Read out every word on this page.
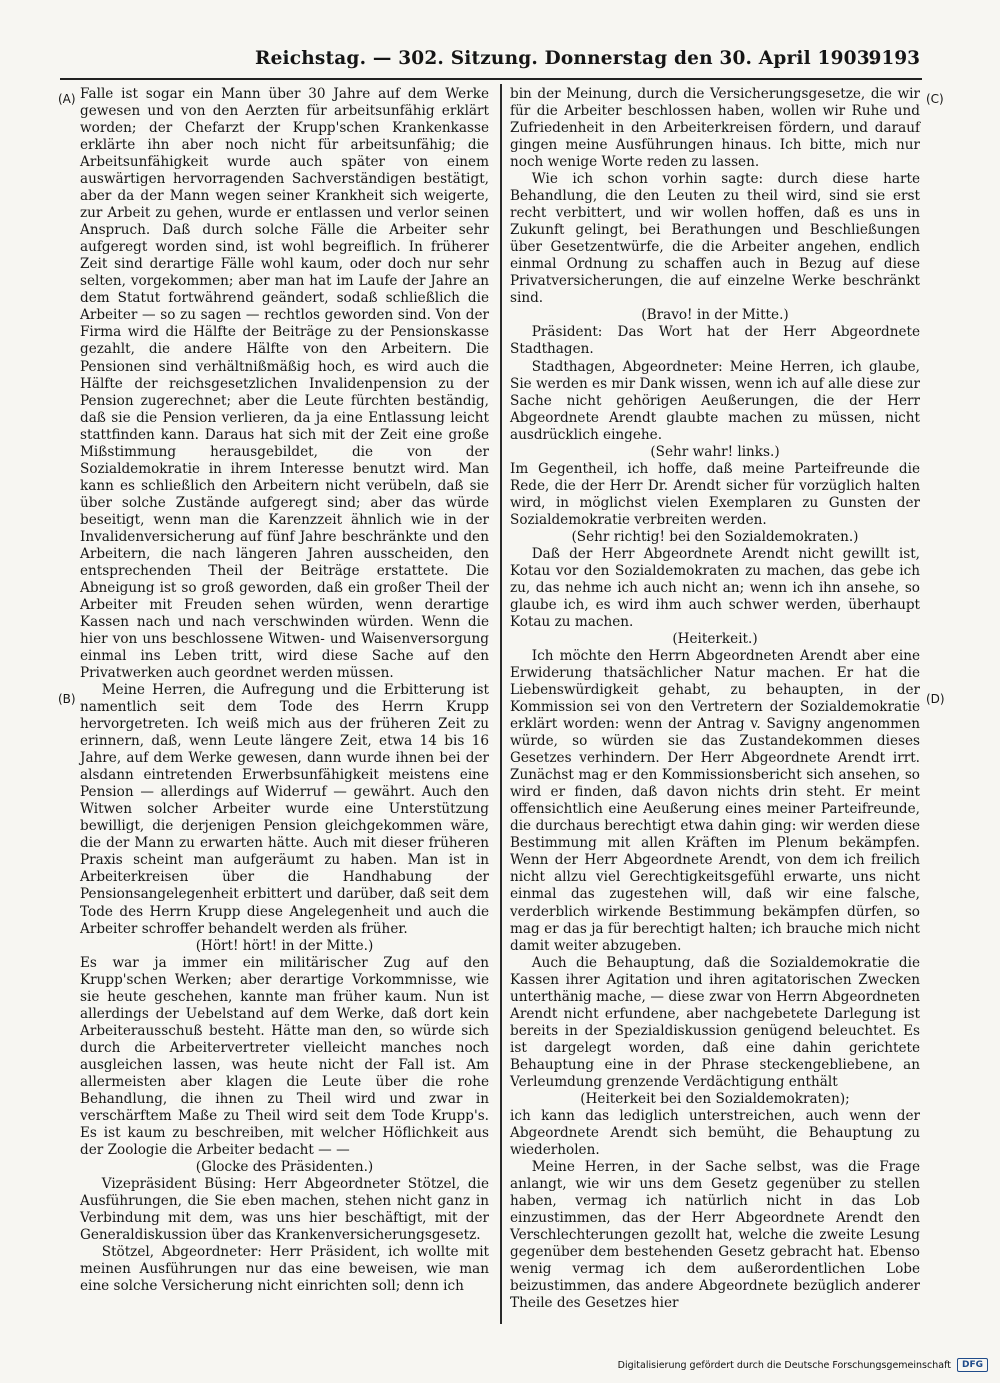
Reichstag. — 302. Sitzung. Donnerstag den 30. April 1903.
9193
(A)
(B)
(C)
(D)

Falle ist sogar ein Mann über 30 Jahre auf dem Werke gewesen und von den Aerzten für arbeitsunfähig erklärt worden; der Chefarzt der Krupp'schen Krankenkasse erklärte ihn aber noch nicht für arbeitsunfähig; die Arbeitsunfähigkeit wurde auch später von einem auswärtigen hervorragenden Sachverständigen bestätigt, aber da der Mann wegen seiner Krankheit sich weigerte, zur Arbeit zu gehen, wurde er entlassen und verlor seinen Anspruch. Daß durch solche Fälle die Arbeiter sehr aufgeregt worden sind, ist wohl begreiflich. In früherer Zeit sind derartige Fälle wohl kaum, oder doch nur sehr selten, vorgekommen; aber man hat im Laufe der Jahre an dem Statut fortwährend geändert, sodaß schließlich die Arbeiter — so zu sagen — rechtlos geworden sind. Von der Firma wird die Hälfte der Beiträge zu der Pensionskasse gezahlt, die andere Hälfte von den Arbeitern. Die Pensionen sind verhältnißmäßig hoch, es wird auch die Hälfte der reichsgesetzlichen Invalidenpension zu der Pension zugerechnet; aber die Leute fürchten beständig, daß sie die Pension verlieren, da ja eine Entlassung leicht stattfinden kann. Daraus hat sich mit der Zeit eine große Mißstimmung herausgebildet, die von der Sozialdemokratie in ihrem Interesse benutzt wird. Man kann es schließlich den Arbeitern nicht verübeln, daß sie über solche Zustände aufgeregt sind; aber das würde beseitigt, wenn man die Karenzzeit ähnlich wie in der Invalidenversicherung auf fünf Jahre beschränkte und den Arbeitern, die nach längeren Jahren ausscheiden, den entsprechenden Theil der Beiträge erstattete. Die Abneigung ist so groß geworden, daß ein großer Theil der Arbeiter mit Freuden sehen würden, wenn derartige Kassen nach und nach verschwinden würden. Wenn die hier von uns beschlossene Witwen- und Waisenversorgung einmal ins Leben tritt, wird diese Sache auf den Privatwerken auch geordnet werden müssen.

Meine Herren, die Aufregung und die Erbitterung ist namentlich seit dem Tode des Herrn Krupp hervorgetreten. Ich weiß mich aus der früheren Zeit zu erinnern, daß, wenn Leute längere Zeit, etwa 14 bis 16 Jahre, auf dem Werke gewesen, dann wurde ihnen bei der alsdann eintretenden Erwerbsunfähigkeit meistens eine Pension — allerdings auf Widerruf — gewährt. Auch den Witwen solcher Arbeiter wurde eine Unterstützung bewilligt, die derjenigen Pension gleichgekommen wäre, die der Mann zu erwarten hätte. Auch mit dieser früheren Praxis scheint man aufgeräumt zu haben. Man ist in Arbeiterkreisen über die Handhabung der Pensionsangelegenheit erbittert und darüber, daß seit dem Tode des Herrn Krupp diese Angelegenheit und auch die Arbeiter schroffer behandelt werden als früher.

(Hört! hört! in der Mitte.)

Es war ja immer ein militärischer Zug auf den Krupp'schen Werken; aber derartige Vorkommnisse, wie sie heute geschehen, kannte man früher kaum. Nun ist allerdings der Uebelstand auf dem Werke, daß dort kein Arbeiterausschuß besteht. Hätte man den, so würde sich durch die Arbeitervertreter vielleicht manches noch ausgleichen lassen, was heute nicht der Fall ist. Am allermeisten aber klagen die Leute über die rohe Behandlung, die ihnen zu Theil wird und zwar in verschärftem Maße zu Theil wird seit dem Tode Krupp's. Es ist kaum zu beschreiben, mit welcher Höflichkeit aus der Zoologie die Arbeiter bedacht — —

(Glocke des Präsidenten.)

Vizepräsident Büsing: Herr Abgeordneter Stötzel, die Ausführungen, die Sie eben machen, stehen nicht ganz in Verbindung mit dem, was uns hier beschäftigt, mit der Generaldiskussion über das Krankenversicherungsgesetz.

Stötzel, Abgeordneter: Herr Präsident, ich wollte mit meinen Ausführungen nur das eine beweisen, wie man eine solche Versicherung nicht einrichten soll; denn ich

bin der Meinung, durch die Versicherungsgesetze, die wir für die Arbeiter beschlossen haben, wollen wir Ruhe und Zufriedenheit in den Arbeiterkreisen fördern, und darauf gingen meine Ausführungen hinaus. Ich bitte, mich nur noch wenige Worte reden zu lassen.

Wie ich schon vorhin sagte: durch diese harte Behandlung, die den Leuten zu theil wird, sind sie erst recht verbittert, und wir wollen hoffen, daß es uns in Zukunft gelingt, bei Berathungen und Beschließungen über Gesetzentwürfe, die die Arbeiter angehen, endlich einmal Ordnung zu schaffen auch in Bezug auf diese Privatversicherungen, die auf einzelne Werke beschränkt sind.

(Bravo! in der Mitte.)

Präsident: Das Wort hat der Herr Abgeordnete Stadthagen.

Stadthagen, Abgeordneter: Meine Herren, ich glaube, Sie werden es mir Dank wissen, wenn ich auf alle diese zur Sache nicht gehörigen Aeußerungen, die der Herr Abgeordnete Arendt glaubte machen zu müssen, nicht ausdrücklich eingehe.

(Sehr wahr! links.)

Im Gegentheil, ich hoffe, daß meine Parteifreunde die Rede, die der Herr Dr. Arendt sicher für vorzüglich halten wird, in möglichst vielen Exemplaren zu Gunsten der Sozialdemokratie verbreiten werden.

(Sehr richtig! bei den Sozialdemokraten.)

Daß der Herr Abgeordnete Arendt nicht gewillt ist, Kotau vor den Sozialdemokraten zu machen, das gebe ich zu, das nehme ich auch nicht an; wenn ich ihn ansehe, so glaube ich, es wird ihm auch schwer werden, überhaupt Kotau zu machen.

(Heiterkeit.)

Ich möchte den Herrn Abgeordneten Arendt aber eine Erwiderung thatsächlicher Natur machen. Er hat die Liebenswürdigkeit gehabt, zu behaupten, in der Kommission sei von den Vertretern der Sozialdemokratie erklärt worden: wenn der Antrag v. Savigny angenommen würde, so würden sie das Zustandekommen dieses Gesetzes verhindern. Der Herr Abgeordnete Arendt irrt. Zunächst mag er den Kommissionsbericht sich ansehen, so wird er finden, daß davon nichts drin steht. Er meint offensichtlich eine Aeußerung eines meiner Parteifreunde, die durchaus berechtigt etwa dahin ging: wir werden diese Bestimmung mit allen Kräften im Plenum bekämpfen. Wenn der Herr Abgeordnete Arendt, von dem ich freilich nicht allzu viel Gerechtigkeitsgefühl erwarte, uns nicht einmal das zugestehen will, daß wir eine falsche, verderblich wirkende Bestimmung bekämpfen dürfen, so mag er das ja für berechtigt halten; ich brauche mich nicht damit weiter abzugeben.

Auch die Behauptung, daß die Sozialdemokratie die Kassen ihrer Agitation und ihren agitatorischen Zwecken unterthänig mache, — diese zwar von Herrn Abgeordneten Arendt nicht erfundene, aber nachgebetete Darlegung ist bereits in der Spezialdiskussion genügend beleuchtet. Es ist dargelegt worden, daß eine dahin gerichtete Behauptung eine in der Phrase steckengebliebene, an Verleumdung grenzende Verdächtigung enthält

(Heiterkeit bei den Sozialdemokraten);

ich kann das lediglich unterstreichen, auch wenn der Abgeordnete Arendt sich bemüht, die Behauptung zu wiederholen.

Meine Herren, in der Sache selbst, was die Frage anlangt, wie wir uns dem Gesetz gegenüber zu stellen haben, vermag ich natürlich nicht in das Lob einzustimmen, das der Herr Abgeordnete Arendt den Verschlechterungen gezollt hat, welche die zweite Lesung gegenüber dem bestehenden Gesetz gebracht hat. Ebenso wenig vermag ich dem außerordentlichen Lobe beizustimmen, das andere Abgeordnete bezüglich anderer Theile des Gesetzes hier

Digitalisierung gefördert durch die Deutsche Forschungsgemeinschaft	DFG
